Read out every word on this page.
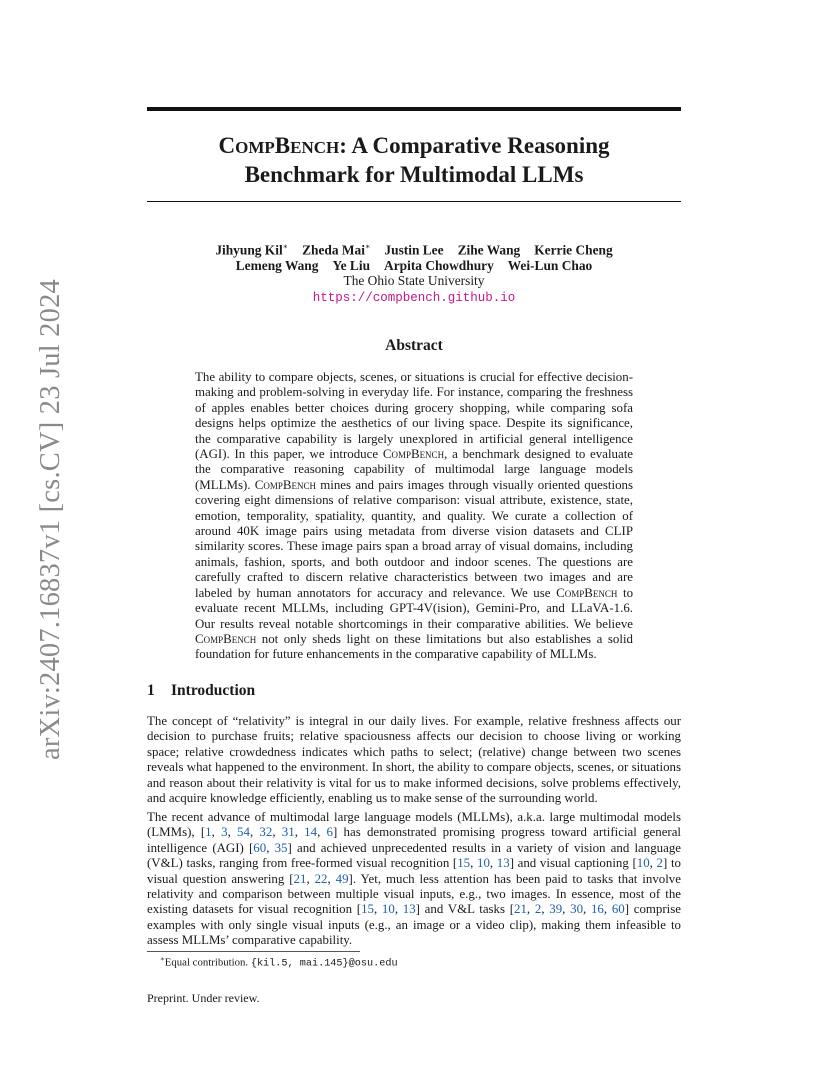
arXiv:2407.16837v1 [cs.CV] 23 Jul 2024
COMPBENCH: A Comparative Reasoning
Benchmark for Multimodal LLMs
Jihyung Kil∗ Zheda Mai∗ Justin Lee Zihe Wang Kerrie Cheng
Lemeng Wang Ye Liu Arpita Chowdhury Wei-Lun Chao
The Ohio State University
https://compbench.github.io
Abstract
The ability to compare objects, scenes, or situations is crucial for effective decision-making and problem-solving in everyday life. For instance, comparing the freshness of apples enables better choices during grocery shopping, while comparing sofa designs helps optimize the aesthetics of our living space. Despite its significance, the comparative capability is largely unexplored in artificial general intelligence (AGI). In this paper, we introduce CompBench, a benchmark designed to evaluate the comparative reasoning capability of multimodal large language models (MLLMs). CompBench mines and pairs images through visually oriented questions covering eight dimensions of relative comparison: visual attribute, existence, state, emotion, temporality, spatiality, quantity, and quality. We curate a collection of around 40K image pairs using metadata from diverse vision datasets and CLIP similarity scores. These image pairs span a broad array of visual domains, including animals, fashion, sports, and both outdoor and indoor scenes. The questions are carefully crafted to discern relative characteristics between two images and are labeled by human annotators for accuracy and relevance. We use CompBench to evaluate recent MLLMs, including GPT-4V(ision), Gemini-Pro, and LLaVA-1.6. Our results reveal notable shortcomings in their comparative abilities. We believe CompBench not only sheds light on these limitations but also establishes a solid foundation for future enhancements in the comparative capability of MLLMs.
1 Introduction
The concept of “relativity” is integral in our daily lives. For example, relative freshness affects our decision to purchase fruits; relative spaciousness affects our decision to choose living or working space; relative crowdedness indicates which paths to select; (relative) change between two scenes reveals what happened to the environment. In short, the ability to compare objects, scenes, or situations and reason about their relativity is vital for us to make informed decisions, solve problems effectively, and acquire knowledge efficiently, enabling us to make sense of the surrounding world.
The recent advance of multimodal large language models (MLLMs), a.k.a. large multimodal models (LMMs), [1, 3, 54, 32, 31, 14, 6] has demonstrated promising progress toward artificial general intelligence (AGI) [60, 35] and achieved unprecedented results in a variety of vision and language (V&L) tasks, ranging from free-formed visual recognition [15, 10, 13] and visual captioning [10, 2] to visual question answering [21, 22, 49]. Yet, much less attention has been paid to tasks that involve relativity and comparison between multiple visual inputs, e.g., two images. In essence, most of the existing datasets for visual recognition [15, 10, 13] and V&L tasks [21, 2, 39, 30, 16, 60] comprise examples with only single visual inputs (e.g., an image or a video clip), making them infeasible to assess MLLMs’ comparative capability.
∗Equal contribution. {kil.5, mai.145}@osu.edu
Preprint. Under review.
